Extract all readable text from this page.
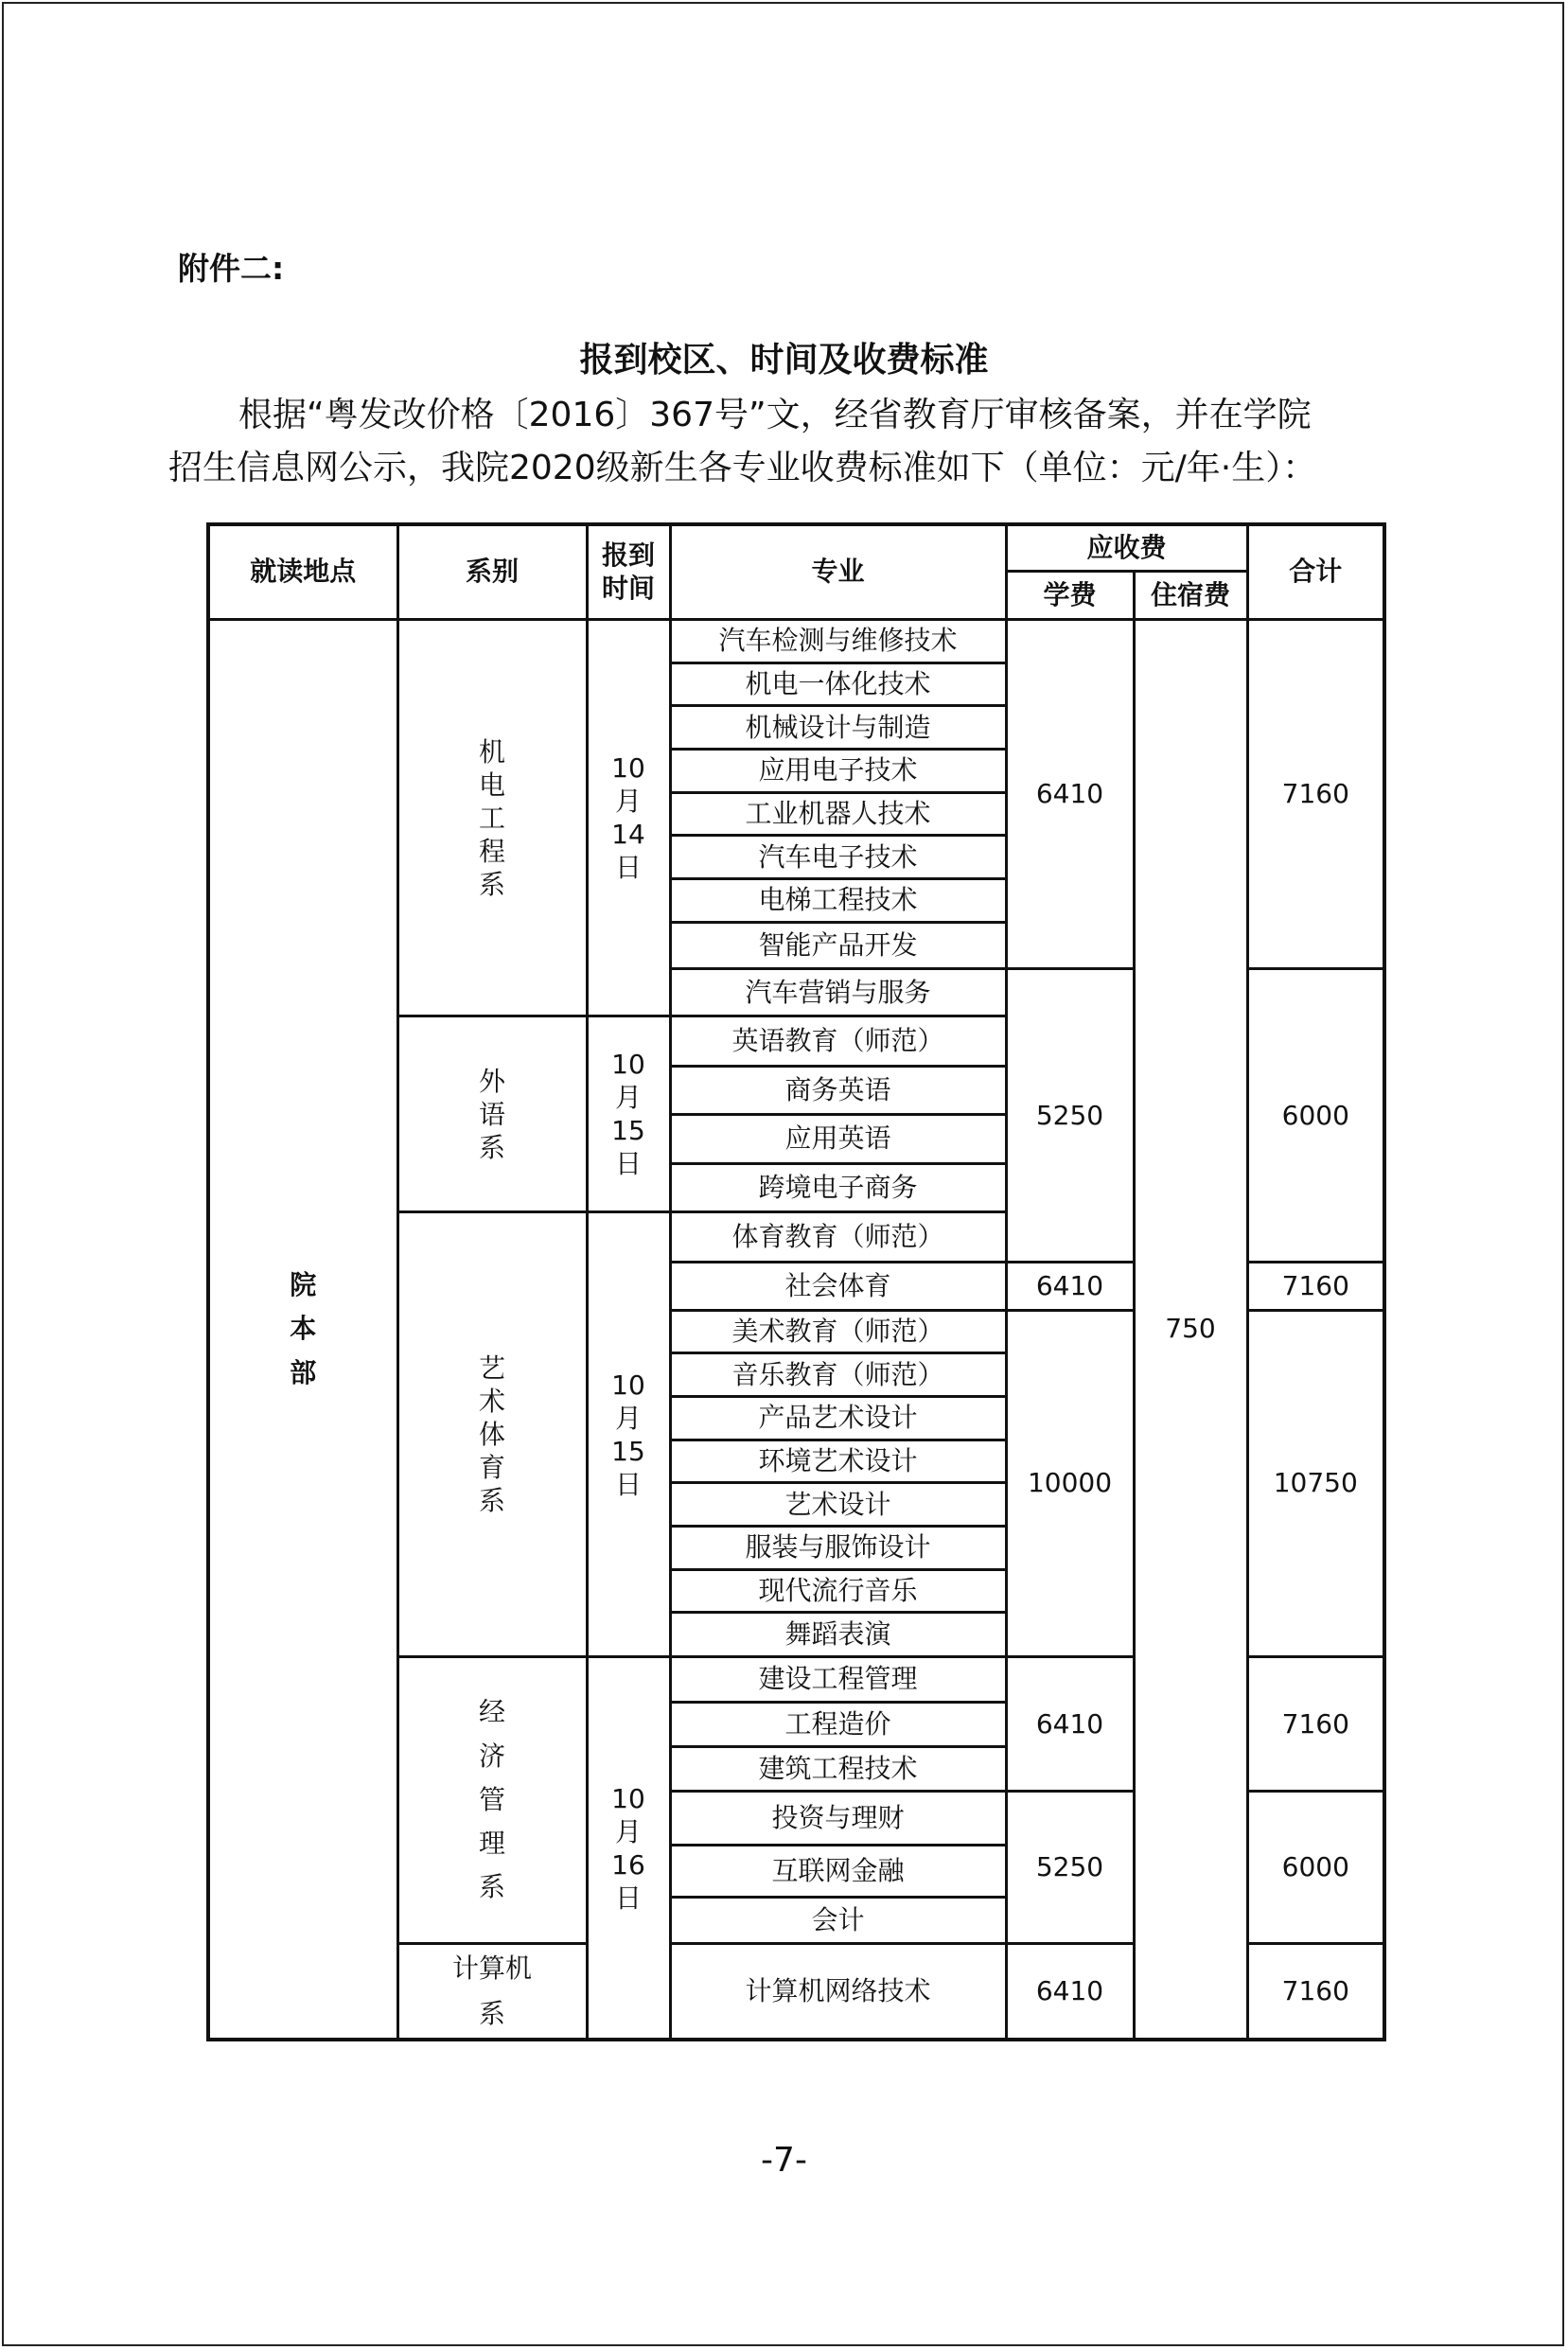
附件二:
报到校区、时间及收费标准
根据“粤发改价格〔2016〕367号”文，经省教育厅审核备案，并在学院
招生信息网公示，我院2020级新生各专业收费标准如下（单位：元/年·生）：
就读地点	系别	报到时间	专业	应收费		合计
				学费	住宿费	
院本部	机电工程系	10月14日	汽车检测与维修技术	6410	750	7160
			机电一体化技术			
			机械设计与制造			
			应用电子技术			
			工业机器人技术			
			汽车电子技术			
			电梯工程技术			
			智能产品开发			
			汽车营销与服务	5250		6000
	外语系	10月15日	英语教育（师范）			
			商务英语			
			应用英语			
			跨境电子商务			
	艺术体育系	10月15日	体育教育（师范）			
			社会体育	6410		7160
			美术教育（师范）	10000		10750
			音乐教育（师范）			
			产品艺术设计			
			环境艺术设计			
			艺术设计			
			服装与服饰设计			
			现代流行音乐			
			舞蹈表演			
	经济管理系	10月16日	建设工程管理	6410		7160
			工程造价			
			建筑工程技术			
			投资与理财	5250		6000
			互联网金融			
			会计			
	计算机系		计算机网络技术	6410		7160
-7-
